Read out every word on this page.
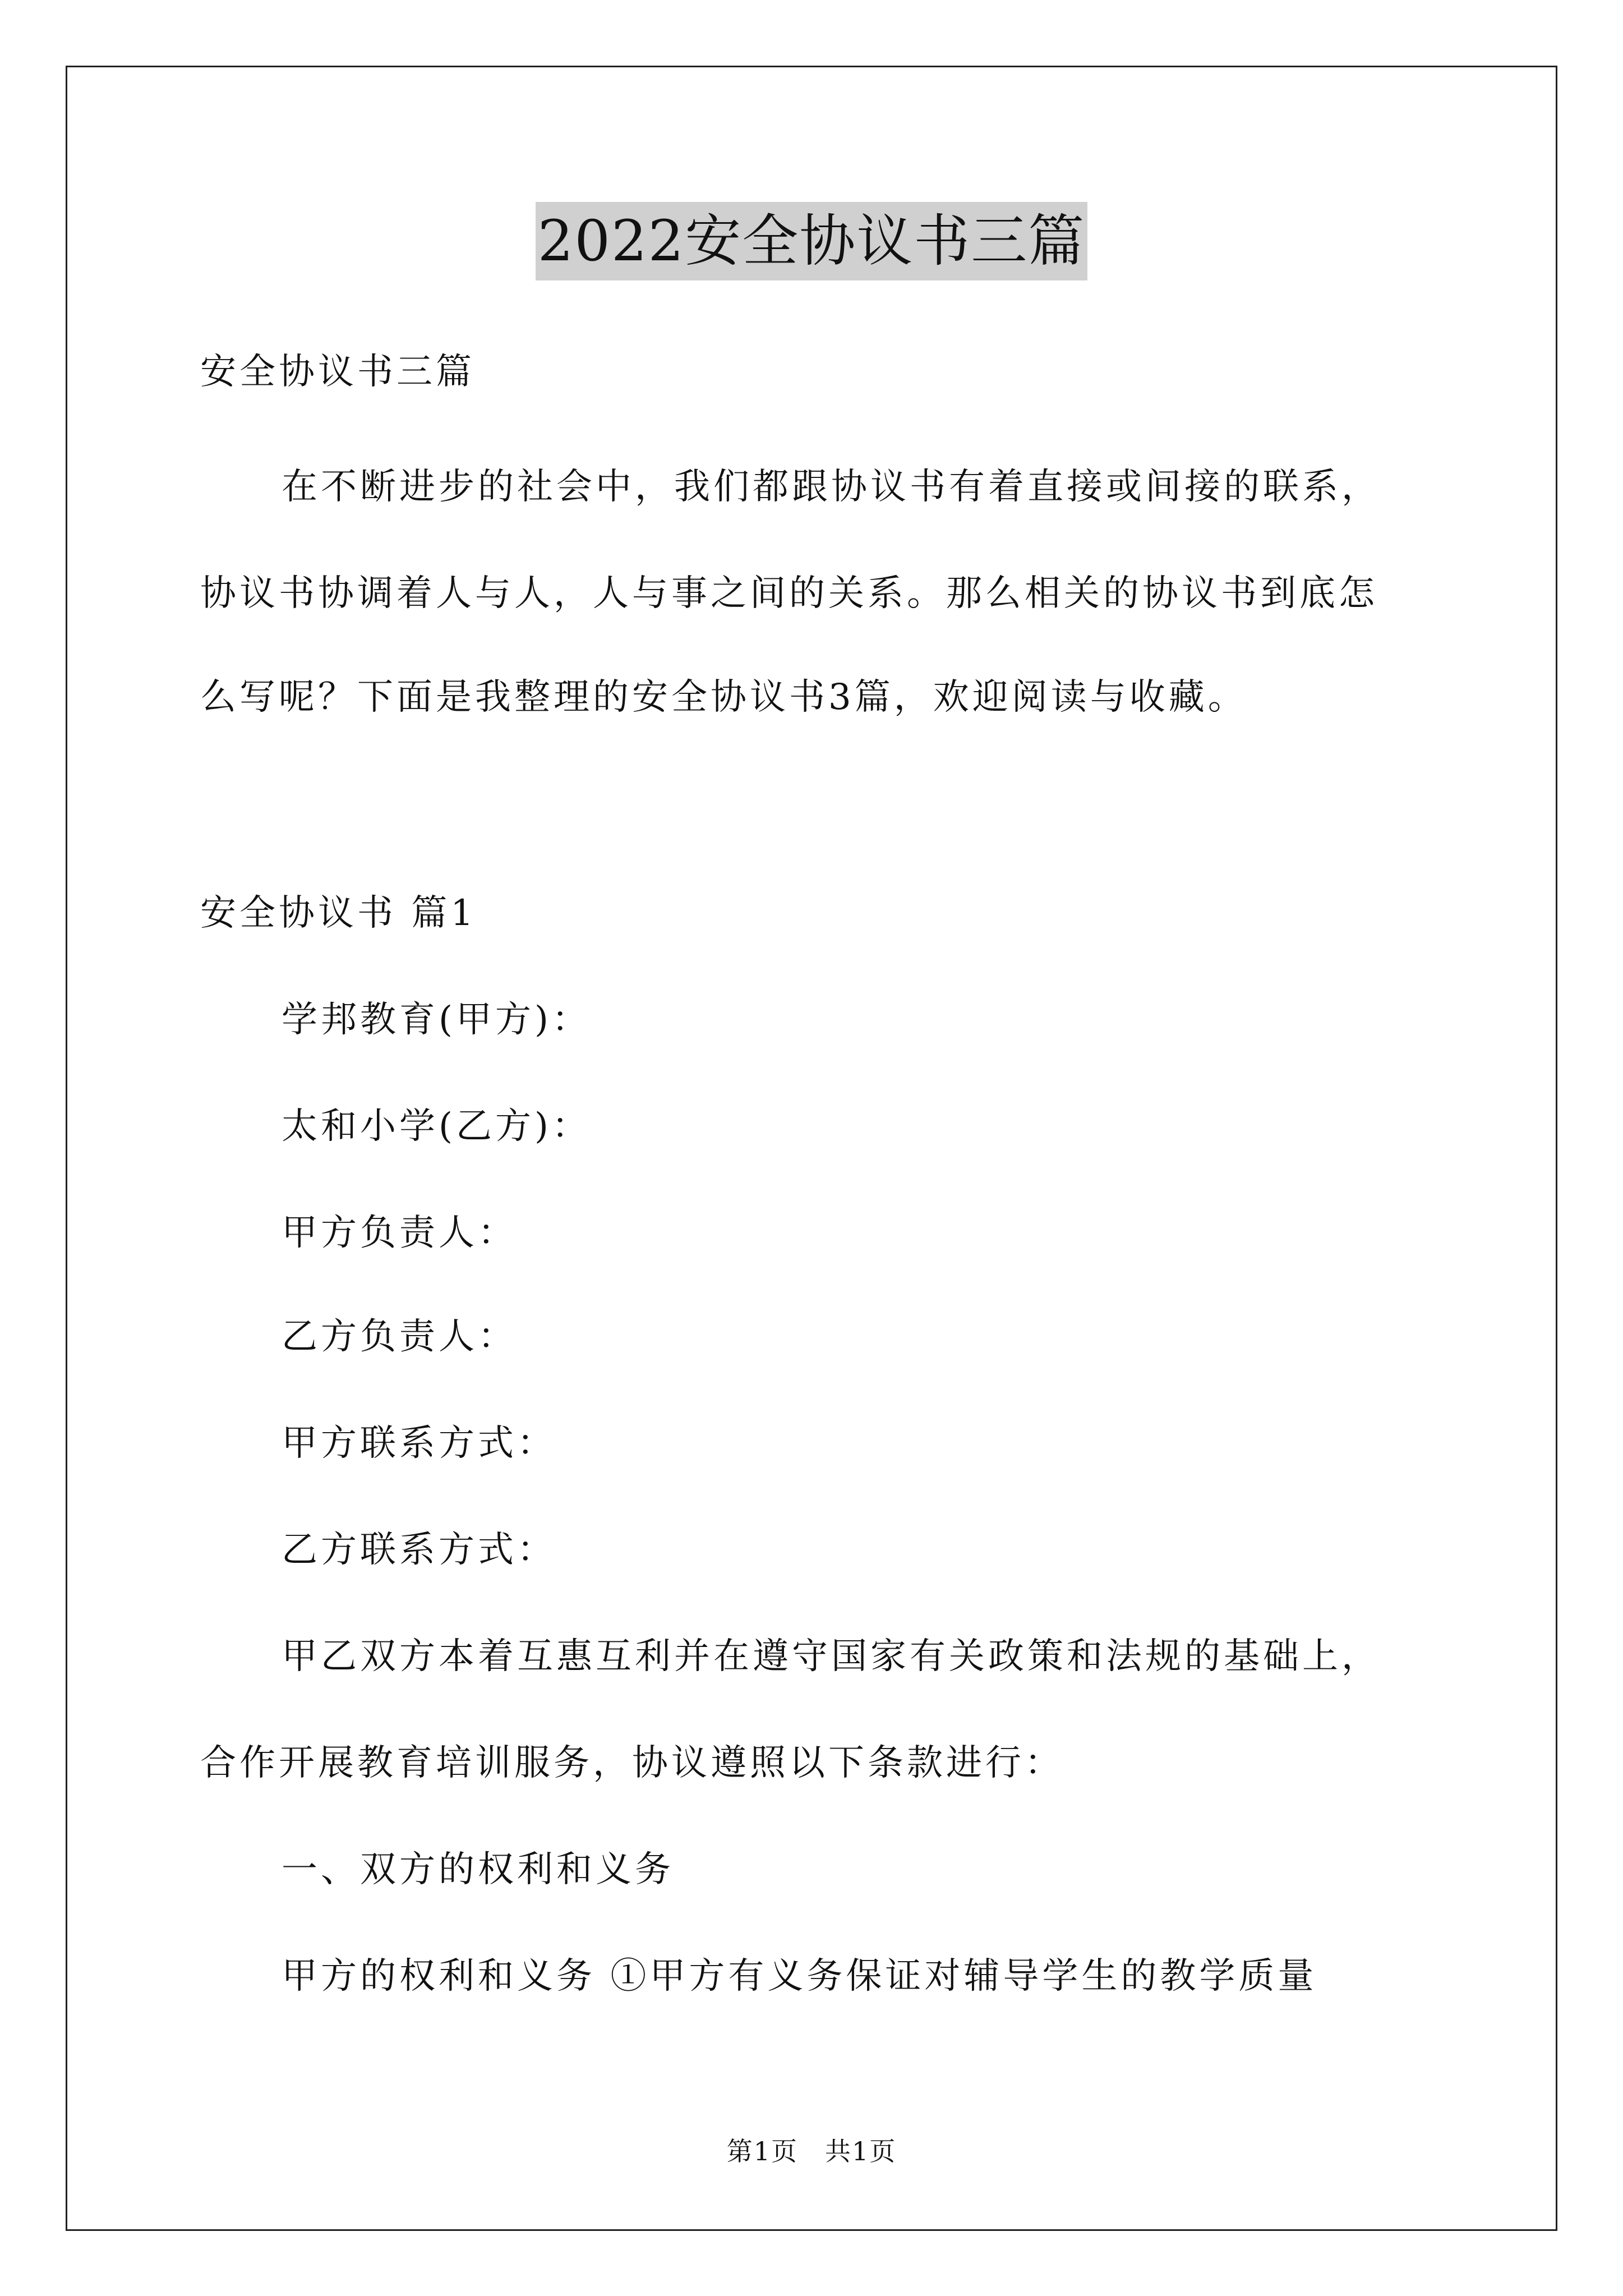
2022安全协议书三篇

安全协议书三篇

在不断进步的社会中，我们都跟协议书有着直接或间接的联系，

协议书协调着人与人，人与事之间的关系。那么相关的协议书到底怎

么写呢？下面是我整理的安全协议书3篇，欢迎阅读与收藏。

安全协议书 篇1

学邦教育(甲方)：

太和小学(乙方)：

甲方负责人：

乙方负责人：

甲方联系方式：

乙方联系方式：

甲乙双方本着互惠互利并在遵守国家有关政策和法规的基础上，

合作开展教育培训服务，协议遵照以下条款进行：

一、双方的权利和义务

甲方的权利和义务 ①甲方有义务保证对辅导学生的教学质量

第1页　共1页
